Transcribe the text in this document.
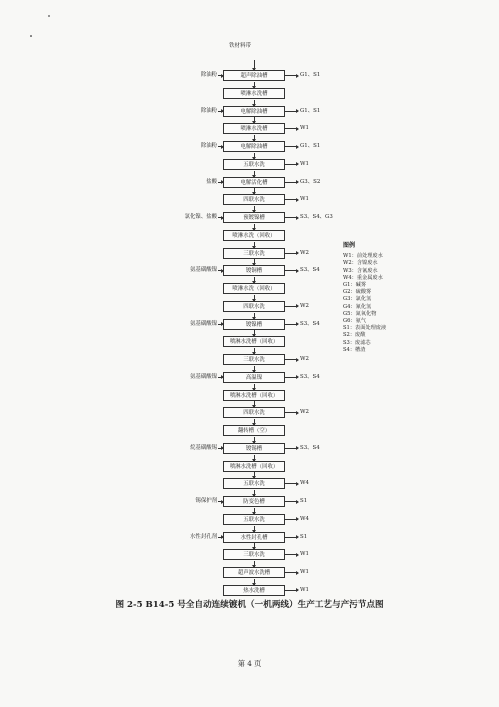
铁材料带
超声除油槽
除油粉	G1、S1
喷淋水洗槽
电解除油槽
除油粉	G1、S1
喷淋水洗槽	W1
电解除油槽
除油粉	G1、S1
五联水洗	W1
电解活化槽
盐酸	G3、S2
四联水洗	W1
预镀镍槽
氯化镍、盐酸	S3、S4、G3
喷淋水洗（回收）
三联水洗	W2
镀铜槽
氨基磺酸镍	S3、S4
喷淋水洗（回收）
四联水洗	W2
镀镍槽
氨基磺酸镍	S3、S4
喷淋水洗槽（回收）
三联水洗	W2
高温镍
氨基磺酸镍	S3、S4
喷淋水洗槽（回收）
四联水洗	W2
翻转槽（空）
镀锡槽
烷基磺酸锡	S3、S4
喷淋水洗槽（回收）
五联水洗	W4
防变色槽
锡保护剂	S1
五联水洗	W4
水性封孔槽
水性封孔剂	S1
三联水洗	W1
超声波水洗槽	W1
热水洗槽	W1
图例
W1：前处理废水
W2：含镍废水
W3：含氰废水
W4：重金属废水
G1：碱雾
G2：硫酸雾
G3：氯化氢
G4：氰化氢
G5：氮氧化物
G6：氨气
S1：表面处理废液
S2：废酸
S3：废滤芯
S4：槽渣
图 2-5 B14-5 号全自动连续镀机（一机两线）生产工艺与产污节点图
第 4 页
